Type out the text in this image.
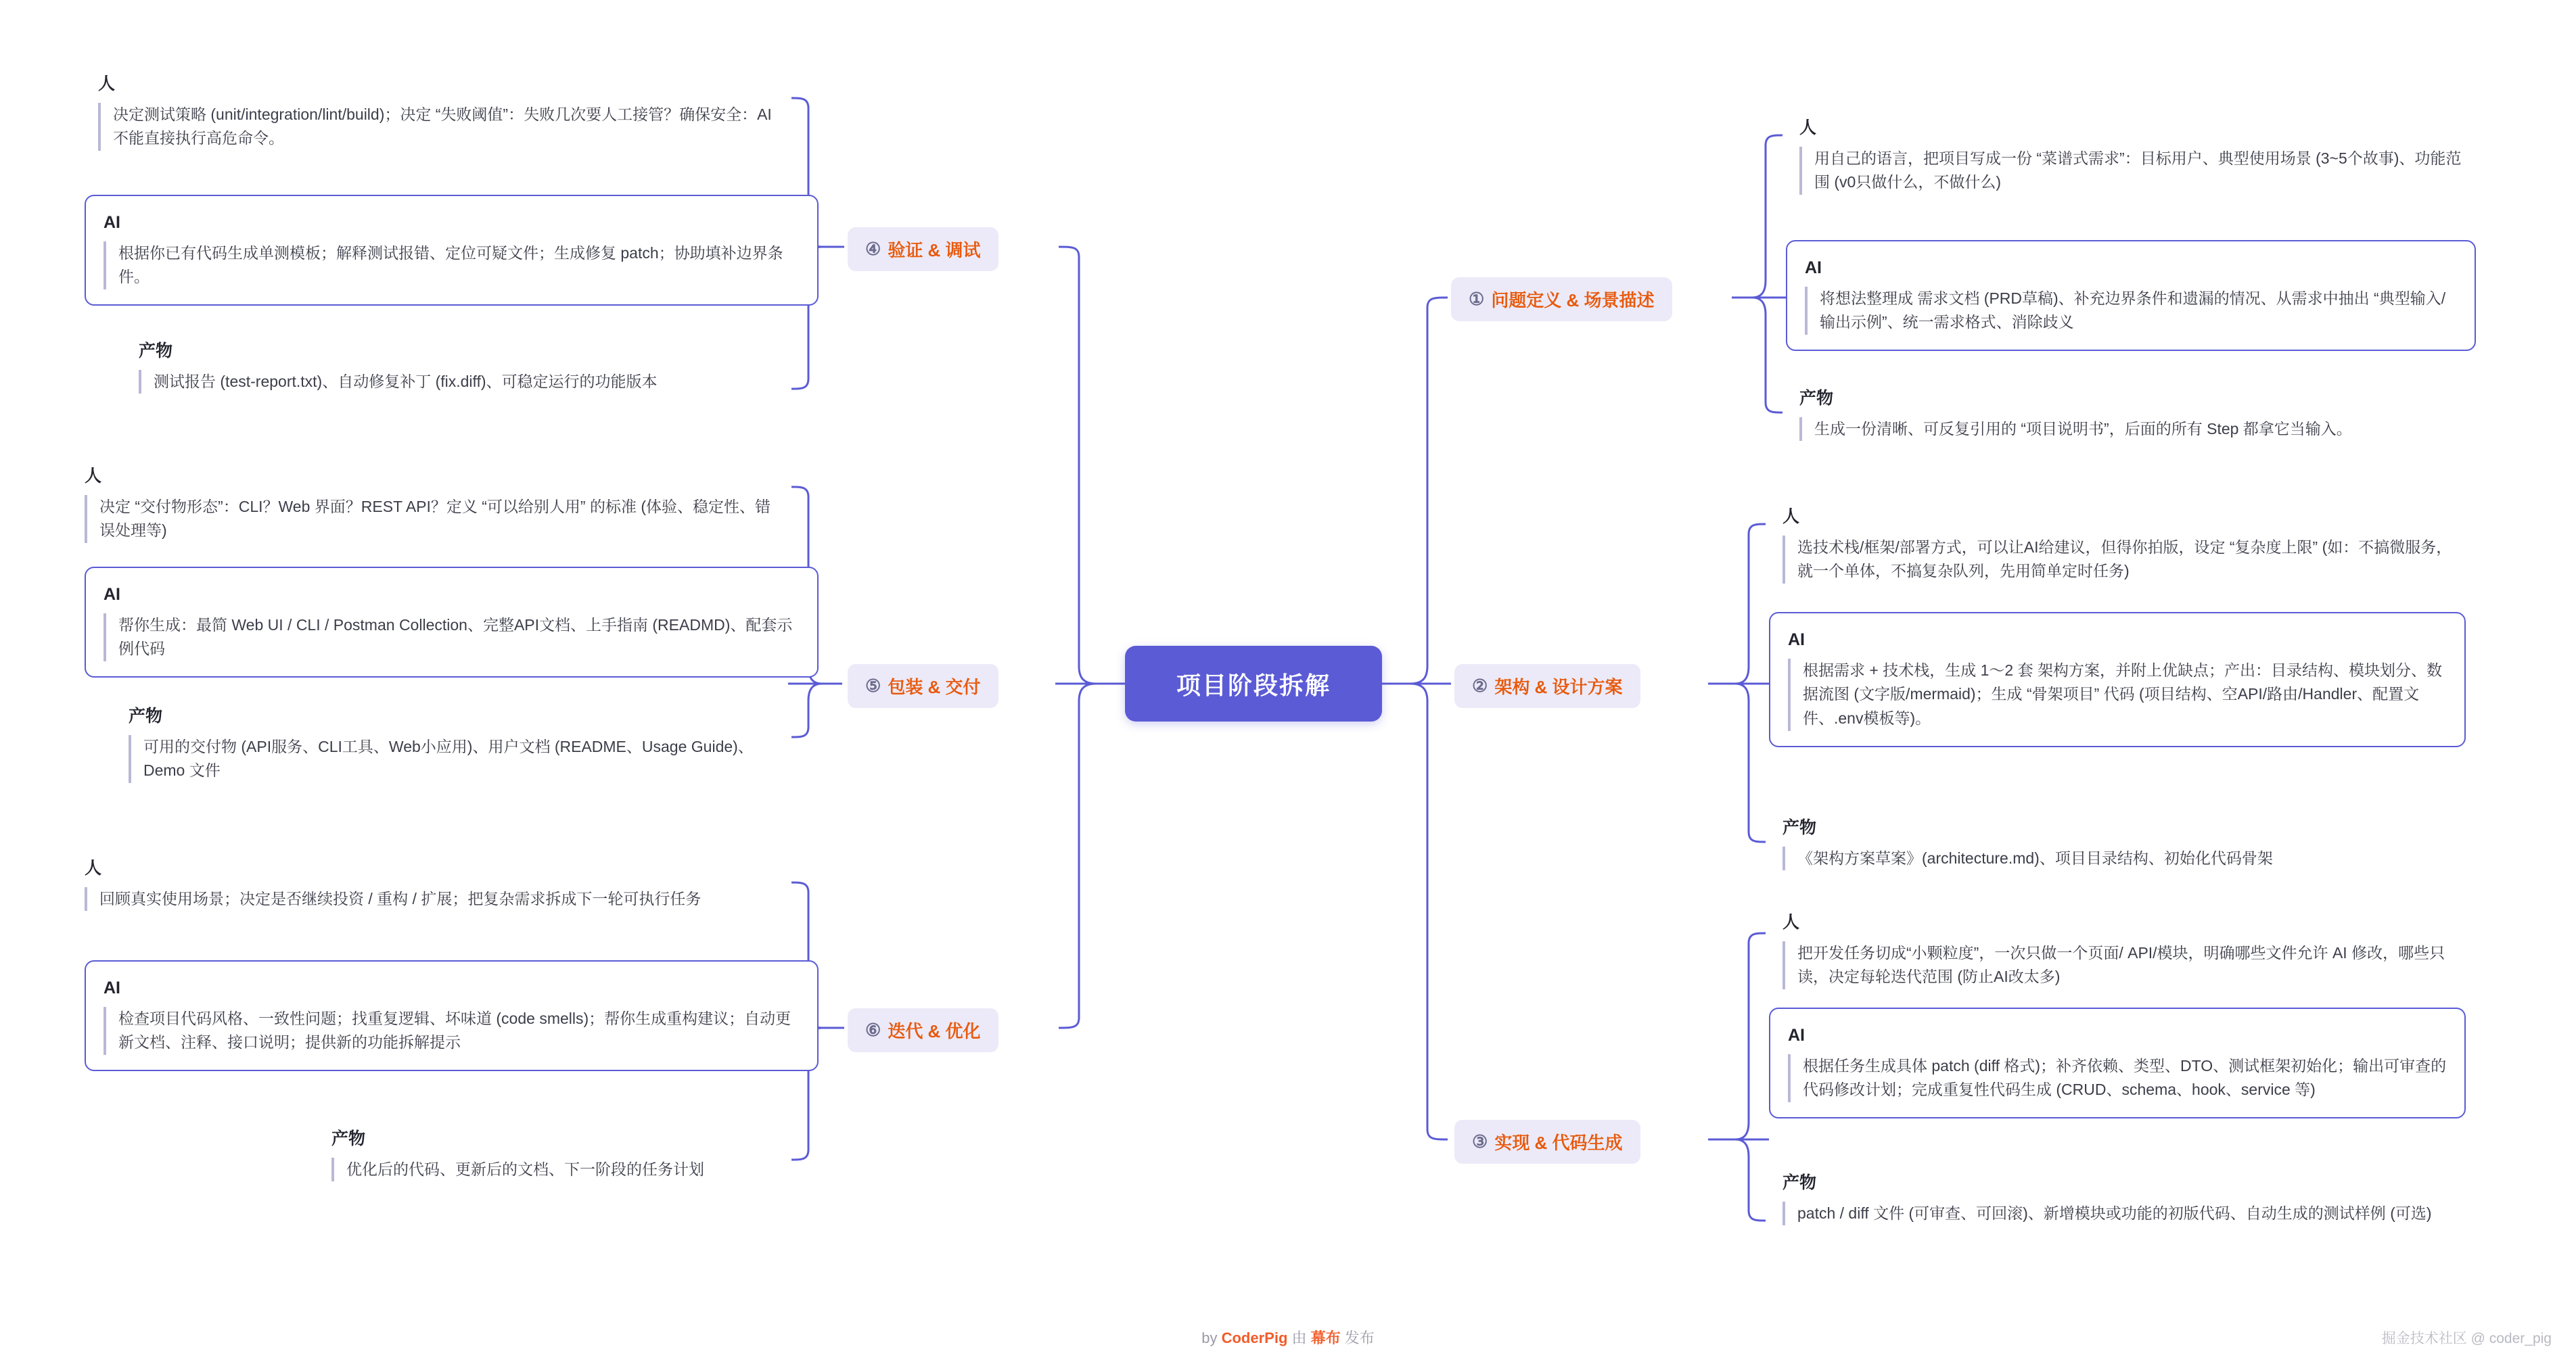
项目阶段拆解
① 问题定义 & 场景描述
② 架构 & 设计方案
③ 实现 & 代码生成
④ 验证 & 调试
⑤ 包装 & 交付
⑥ 迭代 & 优化
人
用自己的语言，把项目写成一份 “菜谱式需求”：目标用户、典型使用场景 (3~5个故事)、功能范围 (v0只做什么，不做什么)
AI
将想法整理成 需求文档 (PRD草稿)、补充边界条件和遗漏的情况、从需求中抽出 “典型输入/输出示例”、统一需求格式、消除歧义
产物
生成一份清晰、可反复引用的 “项目说明书”，后面的所有 Step 都拿它当输入。
人
选技术栈/框架/部署方式，可以让AI给建议，但得你拍版，设定 “复杂度上限” (如：不搞微服务，就一个单体，不搞复杂队列，先用简单定时任务)
AI
根据需求 + 技术栈，生成 1～2 套 架构方案，并附上优缺点；产出：目录结构、模块划分、数据流图 (文字版/mermaid)；生成 “骨架项目” 代码 (项目结构、空API/路由/Handler、配置文件、.env模板等)。
产物
《架构方案草案》(architecture.md)、项目目录结构、初始化代码骨架
人
把开发任务切成“小颗粒度”，一次只做一个页面/ API/模块，明确哪些文件允许 AI 修改，哪些只读，决定每轮迭代范围 (防止AI改太多)
AI
根据任务生成具体 patch (diff 格式)；补齐依赖、类型、DTO、测试框架初始化；输出可审查的代码修改计划；完成重复性代码生成 (CRUD、schema、hook、service 等)
产物
patch / diff 文件 (可审查、可回滚)、新增模块或功能的初版代码、自动生成的测试样例 (可选)
人
决定测试策略 (unit/integration/lint/build)；决定 “失败阈值”：失败几次要人工接管？确保安全：AI 不能直接执行高危命令。
AI
根据你已有代码生成单测模板；解释测试报错、定位可疑文件；生成修复 patch；协助填补边界条件。
产物
测试报告 (test-report.txt)、自动修复补丁 (fix.diff)、可稳定运行的功能版本
人
决定 “交付物形态”：CLI？Web 界面？REST API？定义 “可以给别人用” 的标准 (体验、稳定性、错误处理等)
AI
帮你生成：最简 Web UI / CLI / Postman Collection、完整API文档、上手指南 (READMD)、配套示例代码
产物
可用的交付物 (API服务、CLI工具、Web小应用)、用户文档 (README、Usage Guide)、Demo 文件
人
回顾真实使用场景；决定是否继续投资 / 重构 / 扩展；把复杂需求拆成下一轮可执行任务
AI
检查项目代码风格、一致性问题；找重复逻辑、坏味道 (code smells)；帮你生成重构建议；自动更新文档、注释、接口说明；提供新的功能拆解提示
产物
优化后的代码、更新后的文档、下一阶段的任务计划
by CoderPig 由 幕布 发布	掘金技术社区 @ coder_pig
